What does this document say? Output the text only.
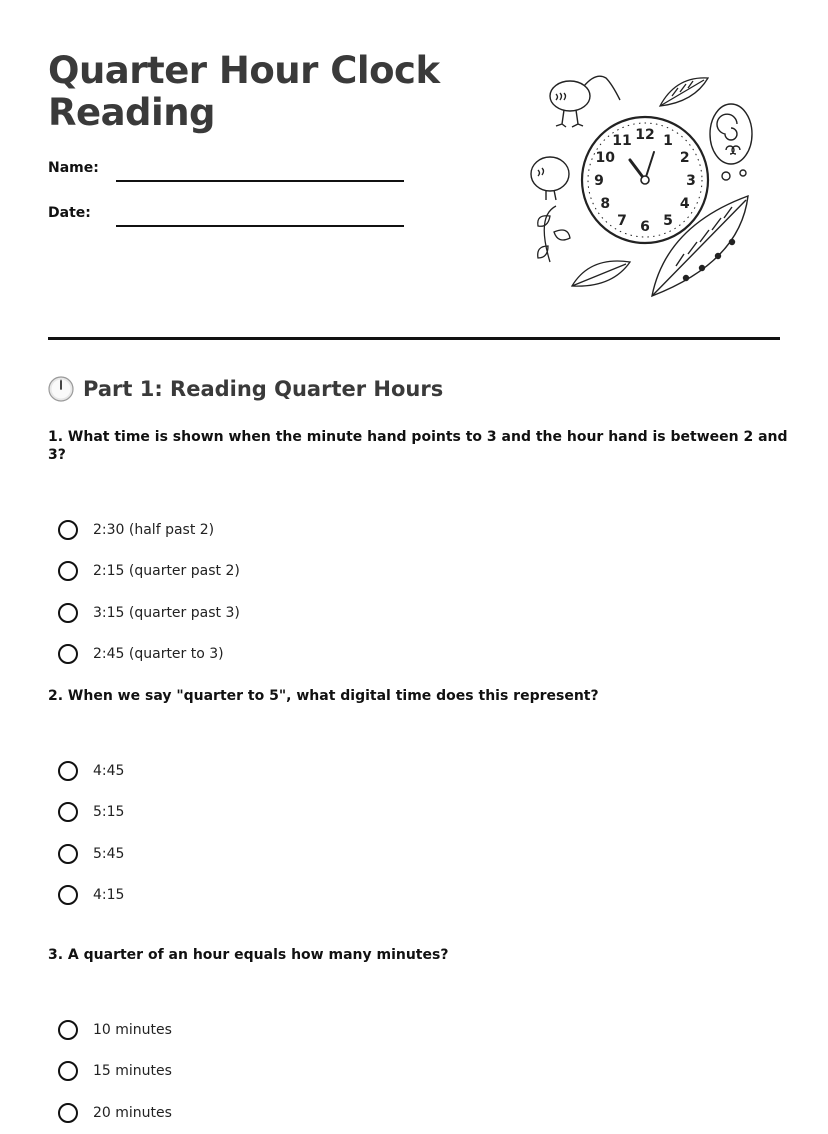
Quarter Hour Clock Reading
Name:
Date:
12 1
2
3
4
5
6
7
8
9
10
11
Part 1: Reading Quarter Hours

1. What time is shown when the minute hand points to 3 and the hour hand is between 2 and 3?

2:30 (half past 2)
2:15 (quarter past 2)
3:15 (quarter past 3)
2:45 (quarter to 3)

2. When we say "quarter to 5", what digital time does this represent?

4:45
5:15
5:45
4:15

3. A quarter of an hour equals how many minutes?

10 minutes
15 minutes
20 minutes
